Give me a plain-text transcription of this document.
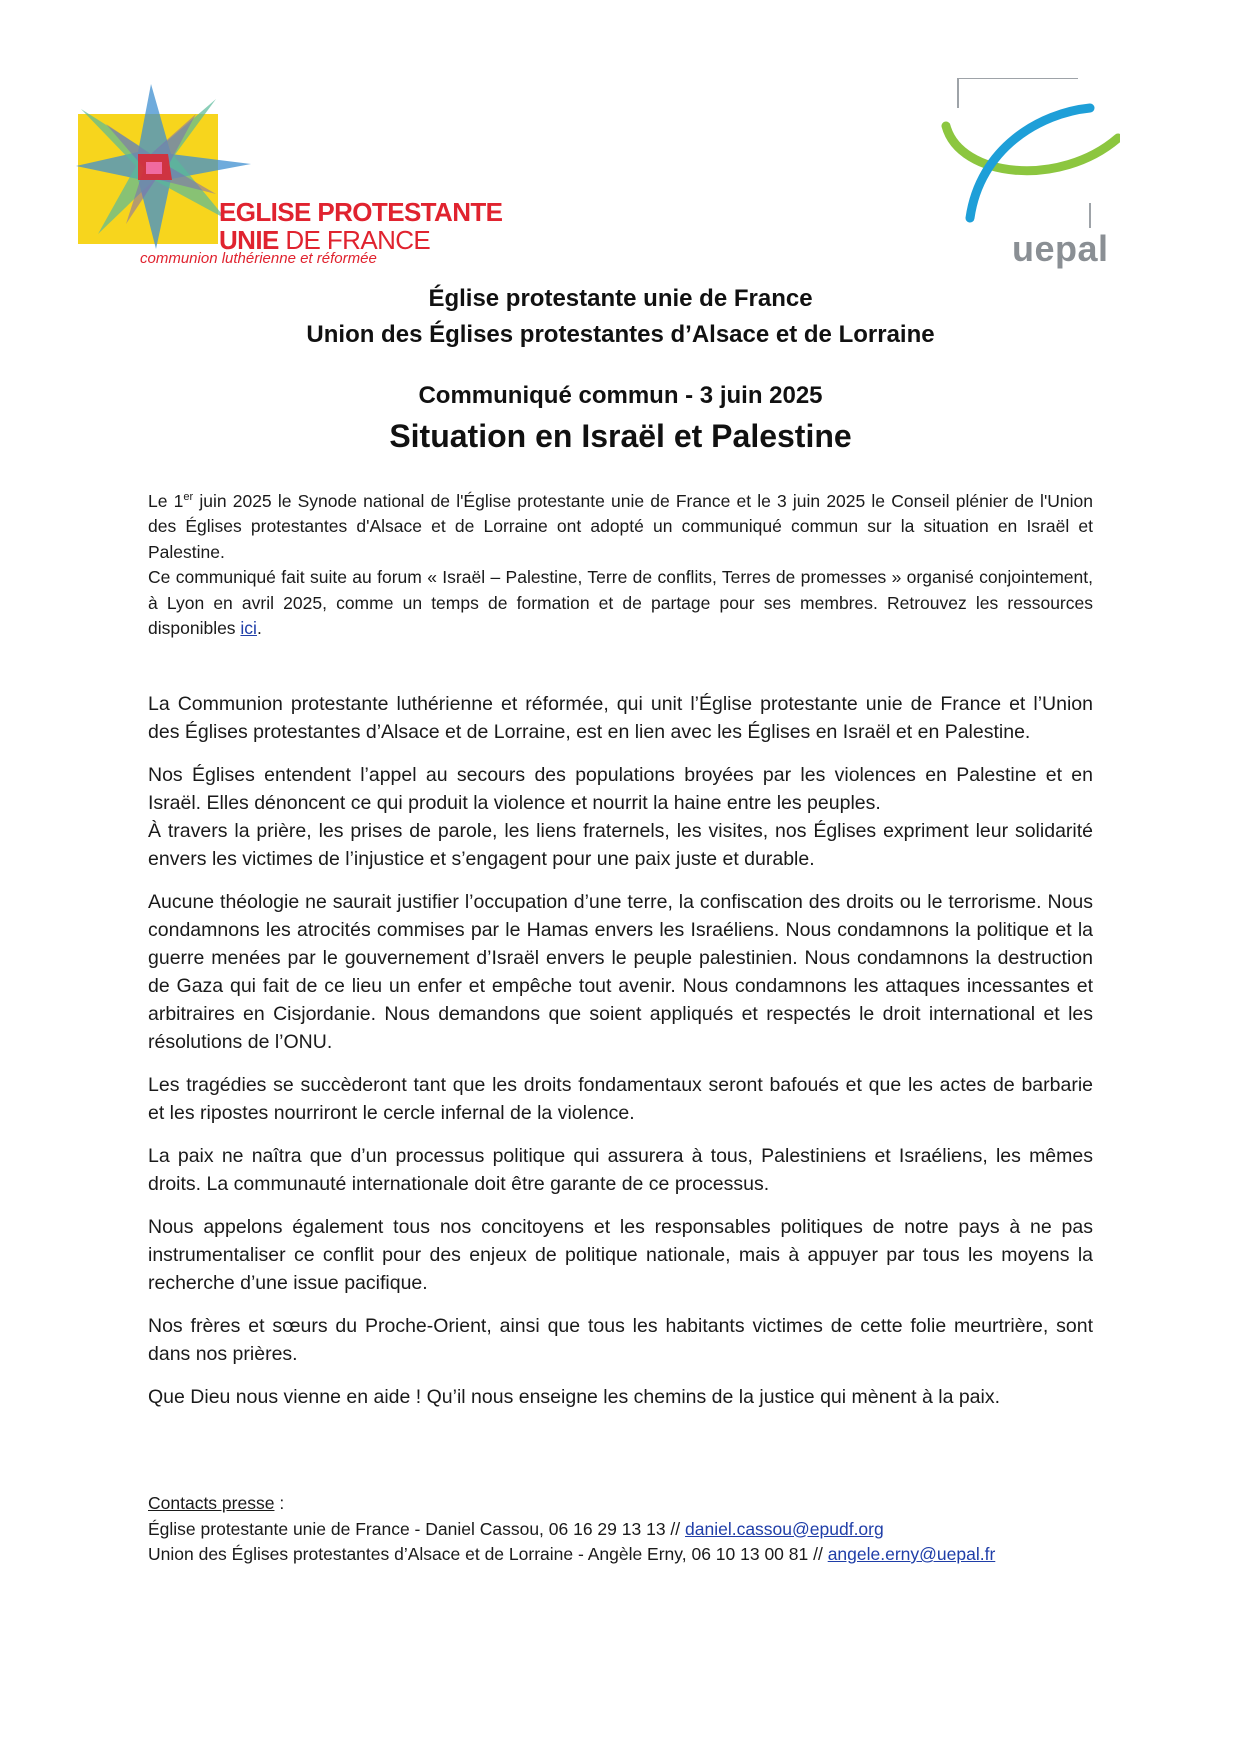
EGLISE PROTESTANTE
UNIE DE FRANCE
communion luthérienne et réformée	uepal
Église protestante unie de France
Union des Églises protestantes d’Alsace et de Lorraine
Communiqué commun - 3 juin 2025
Situation en Israël et Palestine

Le 1er juin 2025 le Synode national de l'Église protestante unie de France et le 3 juin 2025 le Conseil plénier de l'Union des Églises protestantes d'Alsace et de Lorraine ont adopté un communiqué commun sur la situation en Israël et Palestine.

Ce communiqué fait suite au forum « Israël – Palestine, Terre de conflits, Terres de promesses » organisé conjointement, à Lyon en avril 2025, comme un temps de formation et de partage pour ses membres. Retrouvez les ressources disponibles ici.

La Communion protestante luthérienne et réformée, qui unit l’Église protestante unie de France et l’Union des Églises protestantes d’Alsace et de Lorraine, est en lien avec les Églises en Israël et en Palestine.

Nos Églises entendent l’appel au secours des populations broyées par les violences en Palestine et en Israël. Elles dénoncent ce qui produit la violence et nourrit la haine entre les peuples.

À travers la prière, les prises de parole, les liens fraternels, les visites, nos Églises expriment leur solidarité envers les victimes de l’injustice et s’engagent pour une paix juste et durable.

Aucune théologie ne saurait justifier l’occupation d’une terre, la confiscation des droits ou le terrorisme. Nous condamnons les atrocités commises par le Hamas envers les Israéliens. Nous condamnons la politique et la guerre menées par le gouvernement d’Israël envers le peuple palestinien. Nous condamnons la destruction de Gaza qui fait de ce lieu un enfer et empêche tout avenir. Nous condamnons les attaques incessantes et arbitraires en Cisjordanie. Nous demandons que soient appliqués et respectés le droit international et les résolutions de l’ONU.

Les tragédies se succèderont tant que les droits fondamentaux seront bafoués et que les actes de barbarie et les ripostes nourriront le cercle infernal de la violence.

La paix ne naîtra que d’un processus politique qui assurera à tous, Palestiniens et Israéliens, les mêmes droits. La communauté internationale doit être garante de ce processus.

Nous appelons également tous nos concitoyens et les responsables politiques de notre pays à ne pas instrumentaliser ce conflit pour des enjeux de politique nationale, mais à appuyer par tous les moyens la recherche d’une issue pacifique.

Nos frères et sœurs du Proche-Orient, ainsi que tous les habitants victimes de cette folie meurtrière, sont dans nos prières.

Que Dieu nous vienne en aide ! Qu’il nous enseigne les chemins de la justice qui mènent à la paix.

Contacts presse :
Église protestante unie de France - Daniel Cassou, 06 16 29 13 13 // daniel.cassou@epudf.org
Union des Églises protestantes d’Alsace et de Lorraine - Angèle Erny, 06 10 13 00 81 // angele.erny@uepal.fr
